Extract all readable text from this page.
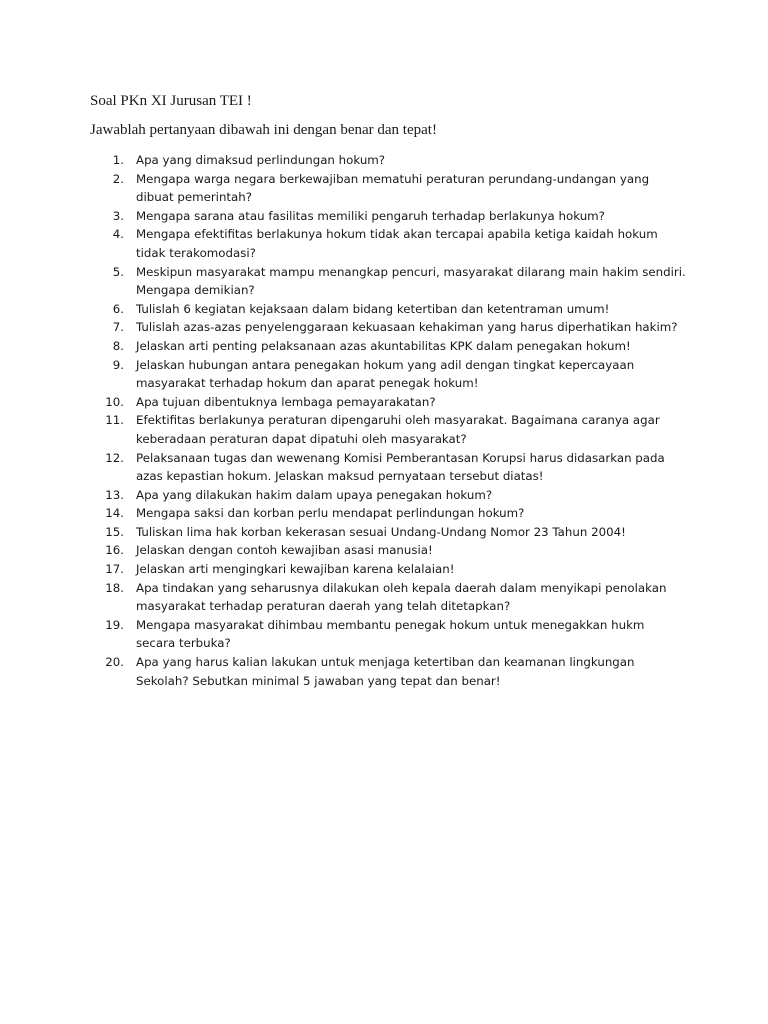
Soal PKn XI Jurusan TEI !
Jawablah pertanyaan dibawah ini dengan benar dan tepat!
1. Apa yang dimaksud perlindungan hokum?
2. Mengapa warga negara berkewajiban mematuhi peraturan perundang-undangan yang dibuat pemerintah?
3. Mengapa sarana atau fasilitas memiliki pengaruh terhadap berlakunya hokum?
4. Mengapa efektifitas berlakunya hokum tidak akan tercapai apabila ketiga kaidah hokum tidak terakomodasi?
5. Meskipun masyarakat mampu menangkap pencuri, masyarakat dilarang main hakim sendiri. Mengapa demikian?
6. Tulislah 6 kegiatan kejaksaan dalam bidang ketertiban dan ketentraman umum!
7. Tulislah azas-azas penyelenggaraan kekuasaan kehakiman yang harus diperhatikan hakim?
8. Jelaskan arti penting pelaksanaan azas akuntabilitas KPK dalam penegakan hokum!
9. Jelaskan hubungan antara penegakan hokum yang adil dengan tingkat kepercayaan masyarakat terhadap hokum dan aparat penegak hokum!
10. Apa tujuan dibentuknya lembaga pemayarakatan?
11. Efektifitas berlakunya peraturan dipengaruhi oleh masyarakat. Bagaimana caranya agar keberadaan peraturan dapat dipatuhi oleh masyarakat?
12. Pelaksanaan tugas dan wewenang Komisi Pemberantasan Korupsi harus didasarkan pada azas kepastian hokum. Jelaskan maksud pernyataan tersebut diatas!
13. Apa yang dilakukan hakim dalam upaya penegakan hokum?
14. Mengapa saksi dan korban perlu mendapat perlindungan hokum?
15. Tuliskan lima hak korban kekerasan sesuai Undang-Undang Nomor 23 Tahun 2004!
16. Jelaskan dengan contoh kewajiban asasi manusia!
17. Jelaskan arti mengingkari kewajiban karena kelalaian!
18. Apa tindakan yang seharusnya dilakukan oleh kepala daerah dalam menyikapi penolakan masyarakat terhadap peraturan daerah yang telah ditetapkan?
19. Mengapa masyarakat dihimbau membantu penegak hokum untuk menegakkan hukm secara terbuka?
20. Apa yang harus kalian lakukan untuk menjaga ketertiban dan keamanan lingkungan Sekolah? Sebutkan minimal 5 jawaban yang tepat dan benar!
